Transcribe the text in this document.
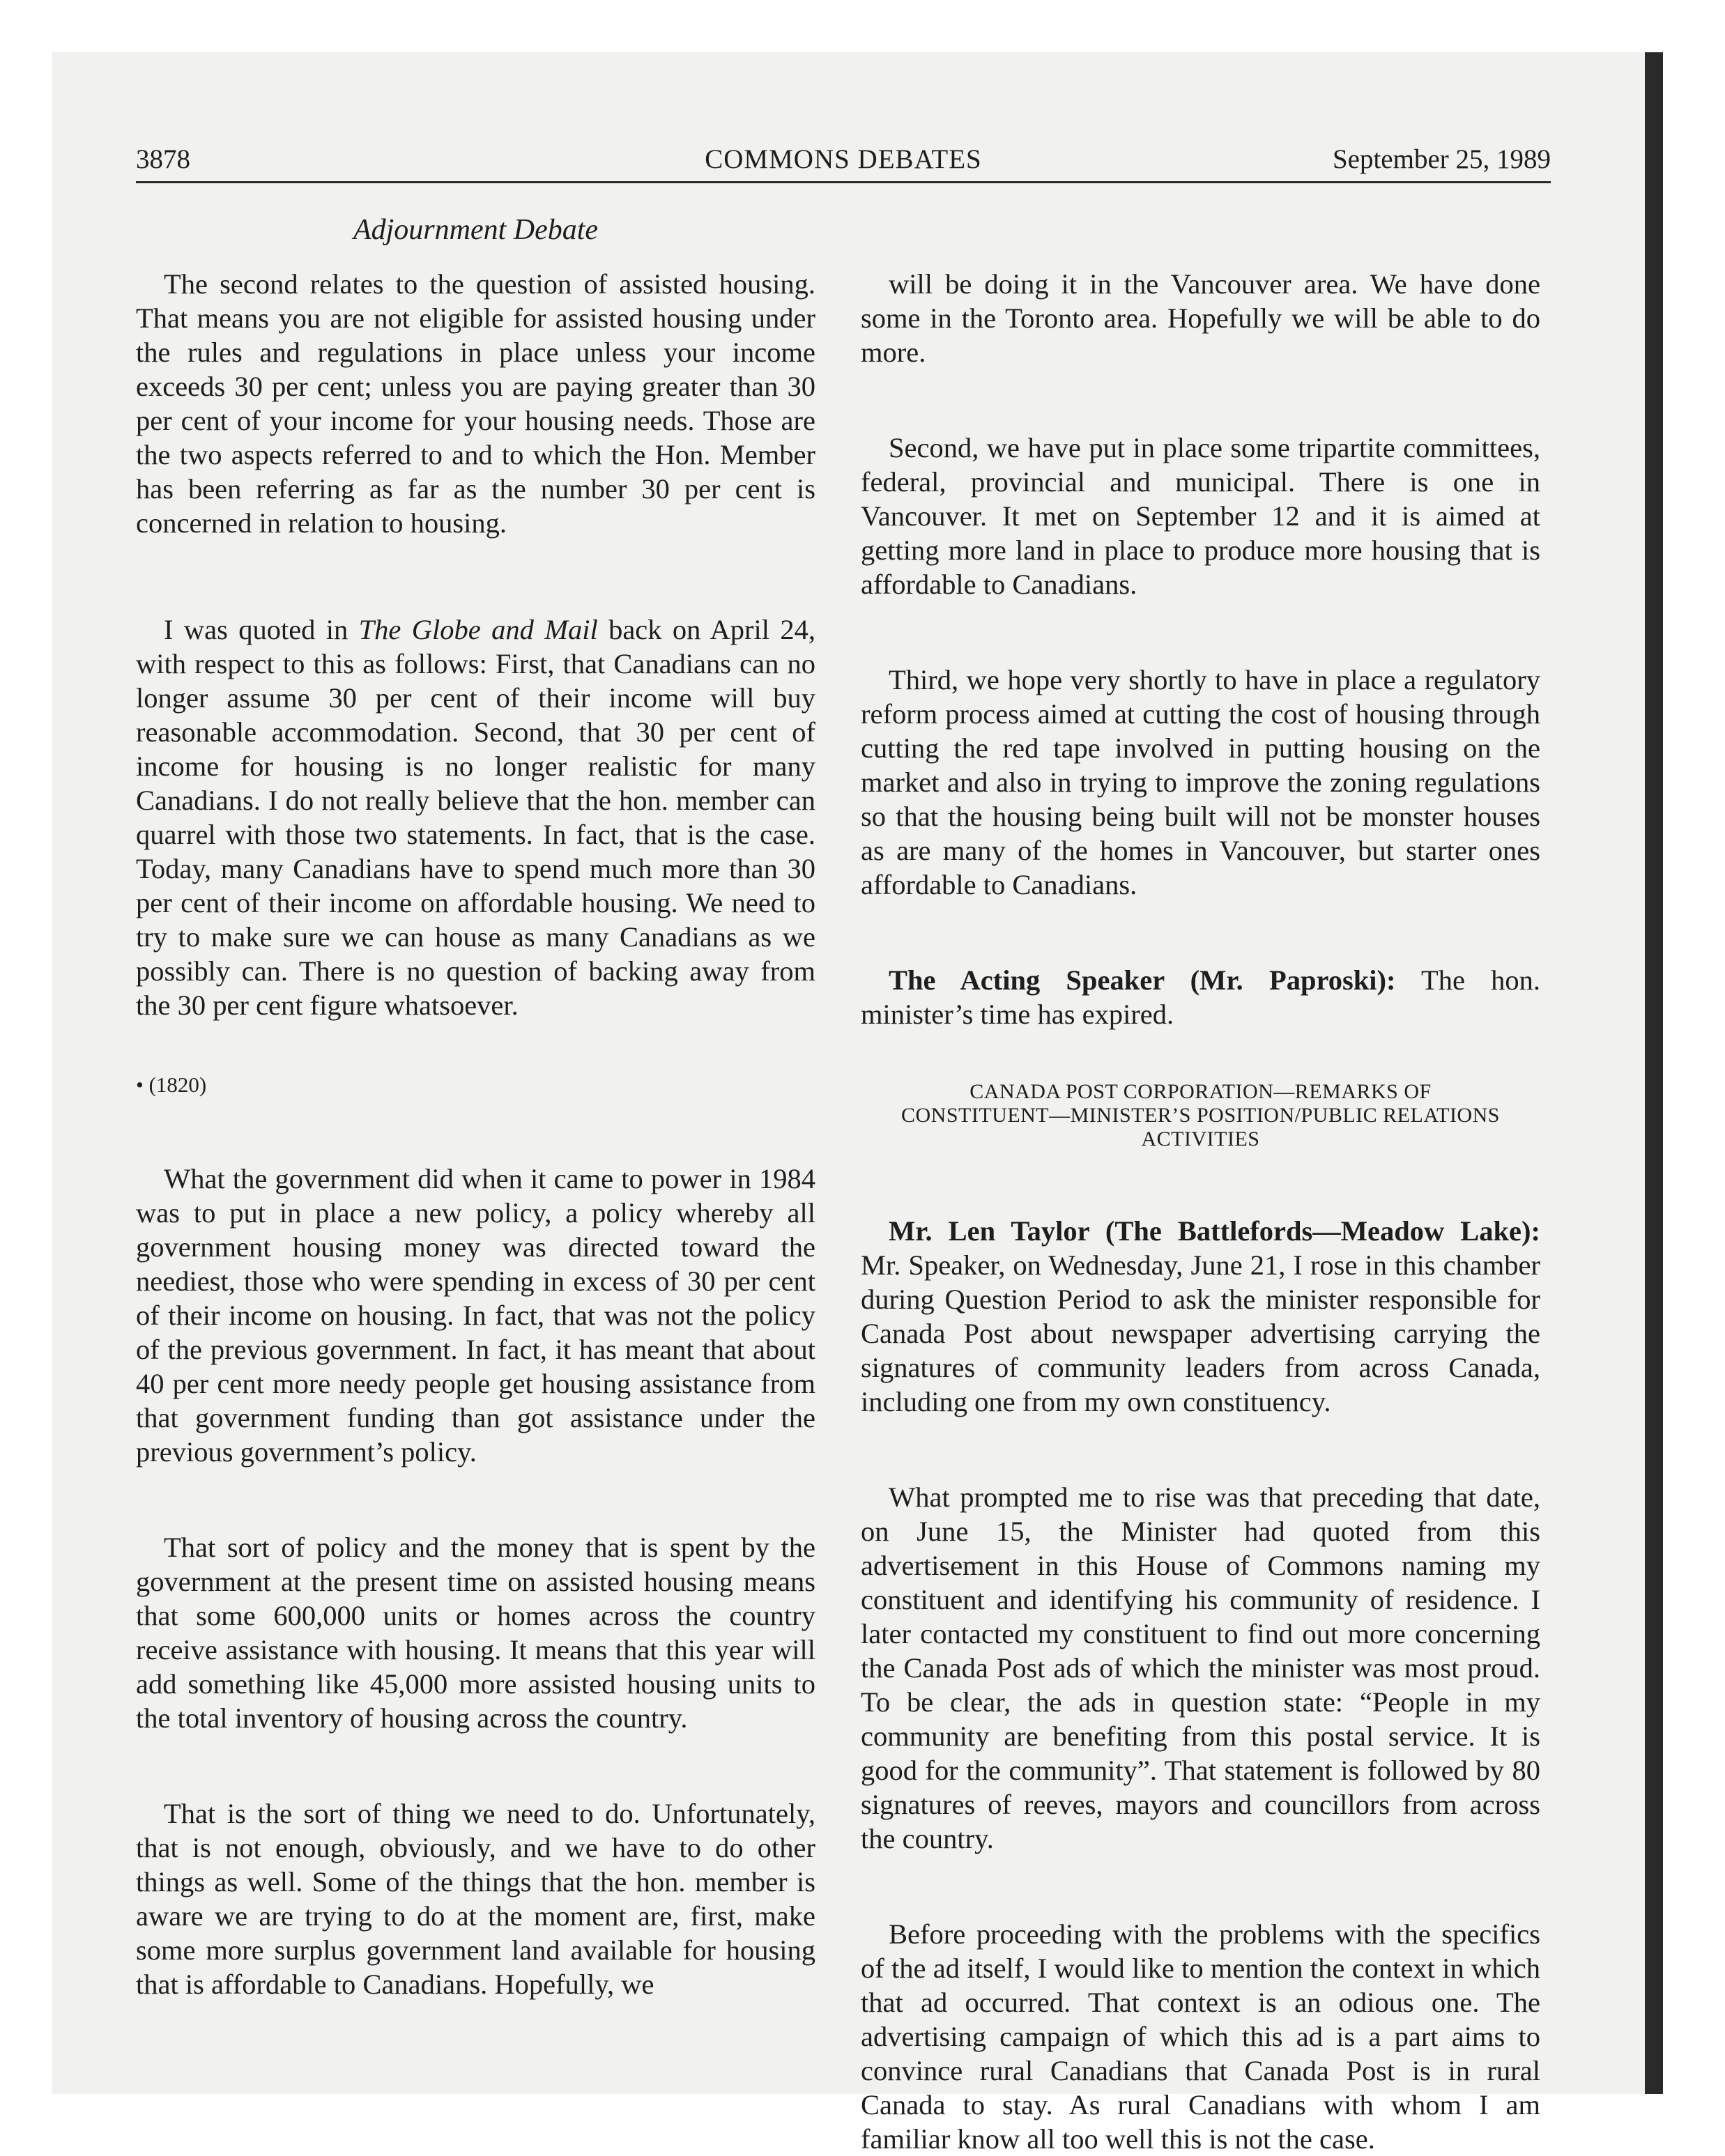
3878	COMMONS DEBATES	September 25, 1989
Adjournment Debate

The second relates to the question of assisted housing. That means you are not eligible for assisted housing under the rules and regulations in place unless your income exceeds 30 per cent; unless you are paying greater than 30 per cent of your income for your housing needs. Those are the two aspects referred to and to which the Hon. Member has been referring as far as the number 30 per cent is concerned in relation to housing.

I was quoted in The Globe and Mail back on April 24, with respect to this as follows: First, that Canadians can no longer assume 30 per cent of their income will buy reasonable accommodation. Second, that 30 per cent of income for housing is no longer realistic for many Canadians. I do not really believe that the hon. member can quarrel with those two statements. In fact, that is the case. Today, many Canadians have to spend much more than 30 per cent of their income on affordable housing. We need to try to make sure we can house as many Canadians as we possibly can. There is no question of backing away from the 30 per cent figure whatsoever.

• (1820)

What the government did when it came to power in 1984 was to put in place a new policy, a policy whereby all government housing money was directed toward the neediest, those who were spending in excess of 30 per cent of their income on housing. In fact, that was not the policy of the previous government. In fact, it has meant that about 40 per cent more needy people get housing assistance from that government funding than got assistance under the previous government’s policy.

That sort of policy and the money that is spent by the government at the present time on assisted housing means that some 600,000 units or homes across the country receive assistance with housing. It means that this year will add something like 45,000 more assisted housing units to the total inventory of housing across the country.

That is the sort of thing we need to do. Unfortunately, that is not enough, obviously, and we have to do other things as well. Some of the things that the hon. member is aware we are trying to do at the moment are, first, make some more surplus government land available for housing that is affordable to Canadians. Hopefully, we

will be doing it in the Vancouver area. We have done some in the Toronto area. Hopefully we will be able to do more.

Second, we have put in place some tripartite committees, federal, provincial and municipal. There is one in Vancouver. It met on September 12 and it is aimed at getting more land in place to produce more housing that is affordable to Canadians.

Third, we hope very shortly to have in place a regulatory reform process aimed at cutting the cost of housing through cutting the red tape involved in putting housing on the market and also in trying to improve the zoning regulations so that the housing being built will not be monster houses as are many of the homes in Vancouver, but starter ones affordable to Canadians.

The Acting Speaker (Mr. Paproski): The hon. minister’s time has expired.

CANADA POST CORPORATION—REMARKS OF
CONSTITUENT—MINISTER’S POSITION/PUBLIC RELATIONS
ACTIVITIES

Mr. Len Taylor (The Battlefords—Meadow Lake): Mr. Speaker, on Wednesday, June 21, I rose in this chamber during Question Period to ask the minister responsible for Canada Post about newspaper advertising carrying the signatures of community leaders from across Canada, including one from my own constituency.

What prompted me to rise was that preceding that date, on June 15, the Minister had quoted from this advertisement in this House of Commons naming my constituent and identifying his community of residence. I later contacted my constituent to find out more concerning the Canada Post ads of which the minister was most proud. To be clear, the ads in question state: “People in my community are benefiting from this postal service. It is good for the community”. That statement is followed by 80 signatures of reeves, mayors and councillors from across the country.

Before proceeding with the problems with the specifics of the ad itself, I would like to mention the context in which that ad occurred. That context is an odious one. The advertising campaign of which this ad is a part aims to convince rural Canadians that Canada Post is in rural Canada to stay. As rural Canadians with whom I am familiar know all too well this is not the case.
